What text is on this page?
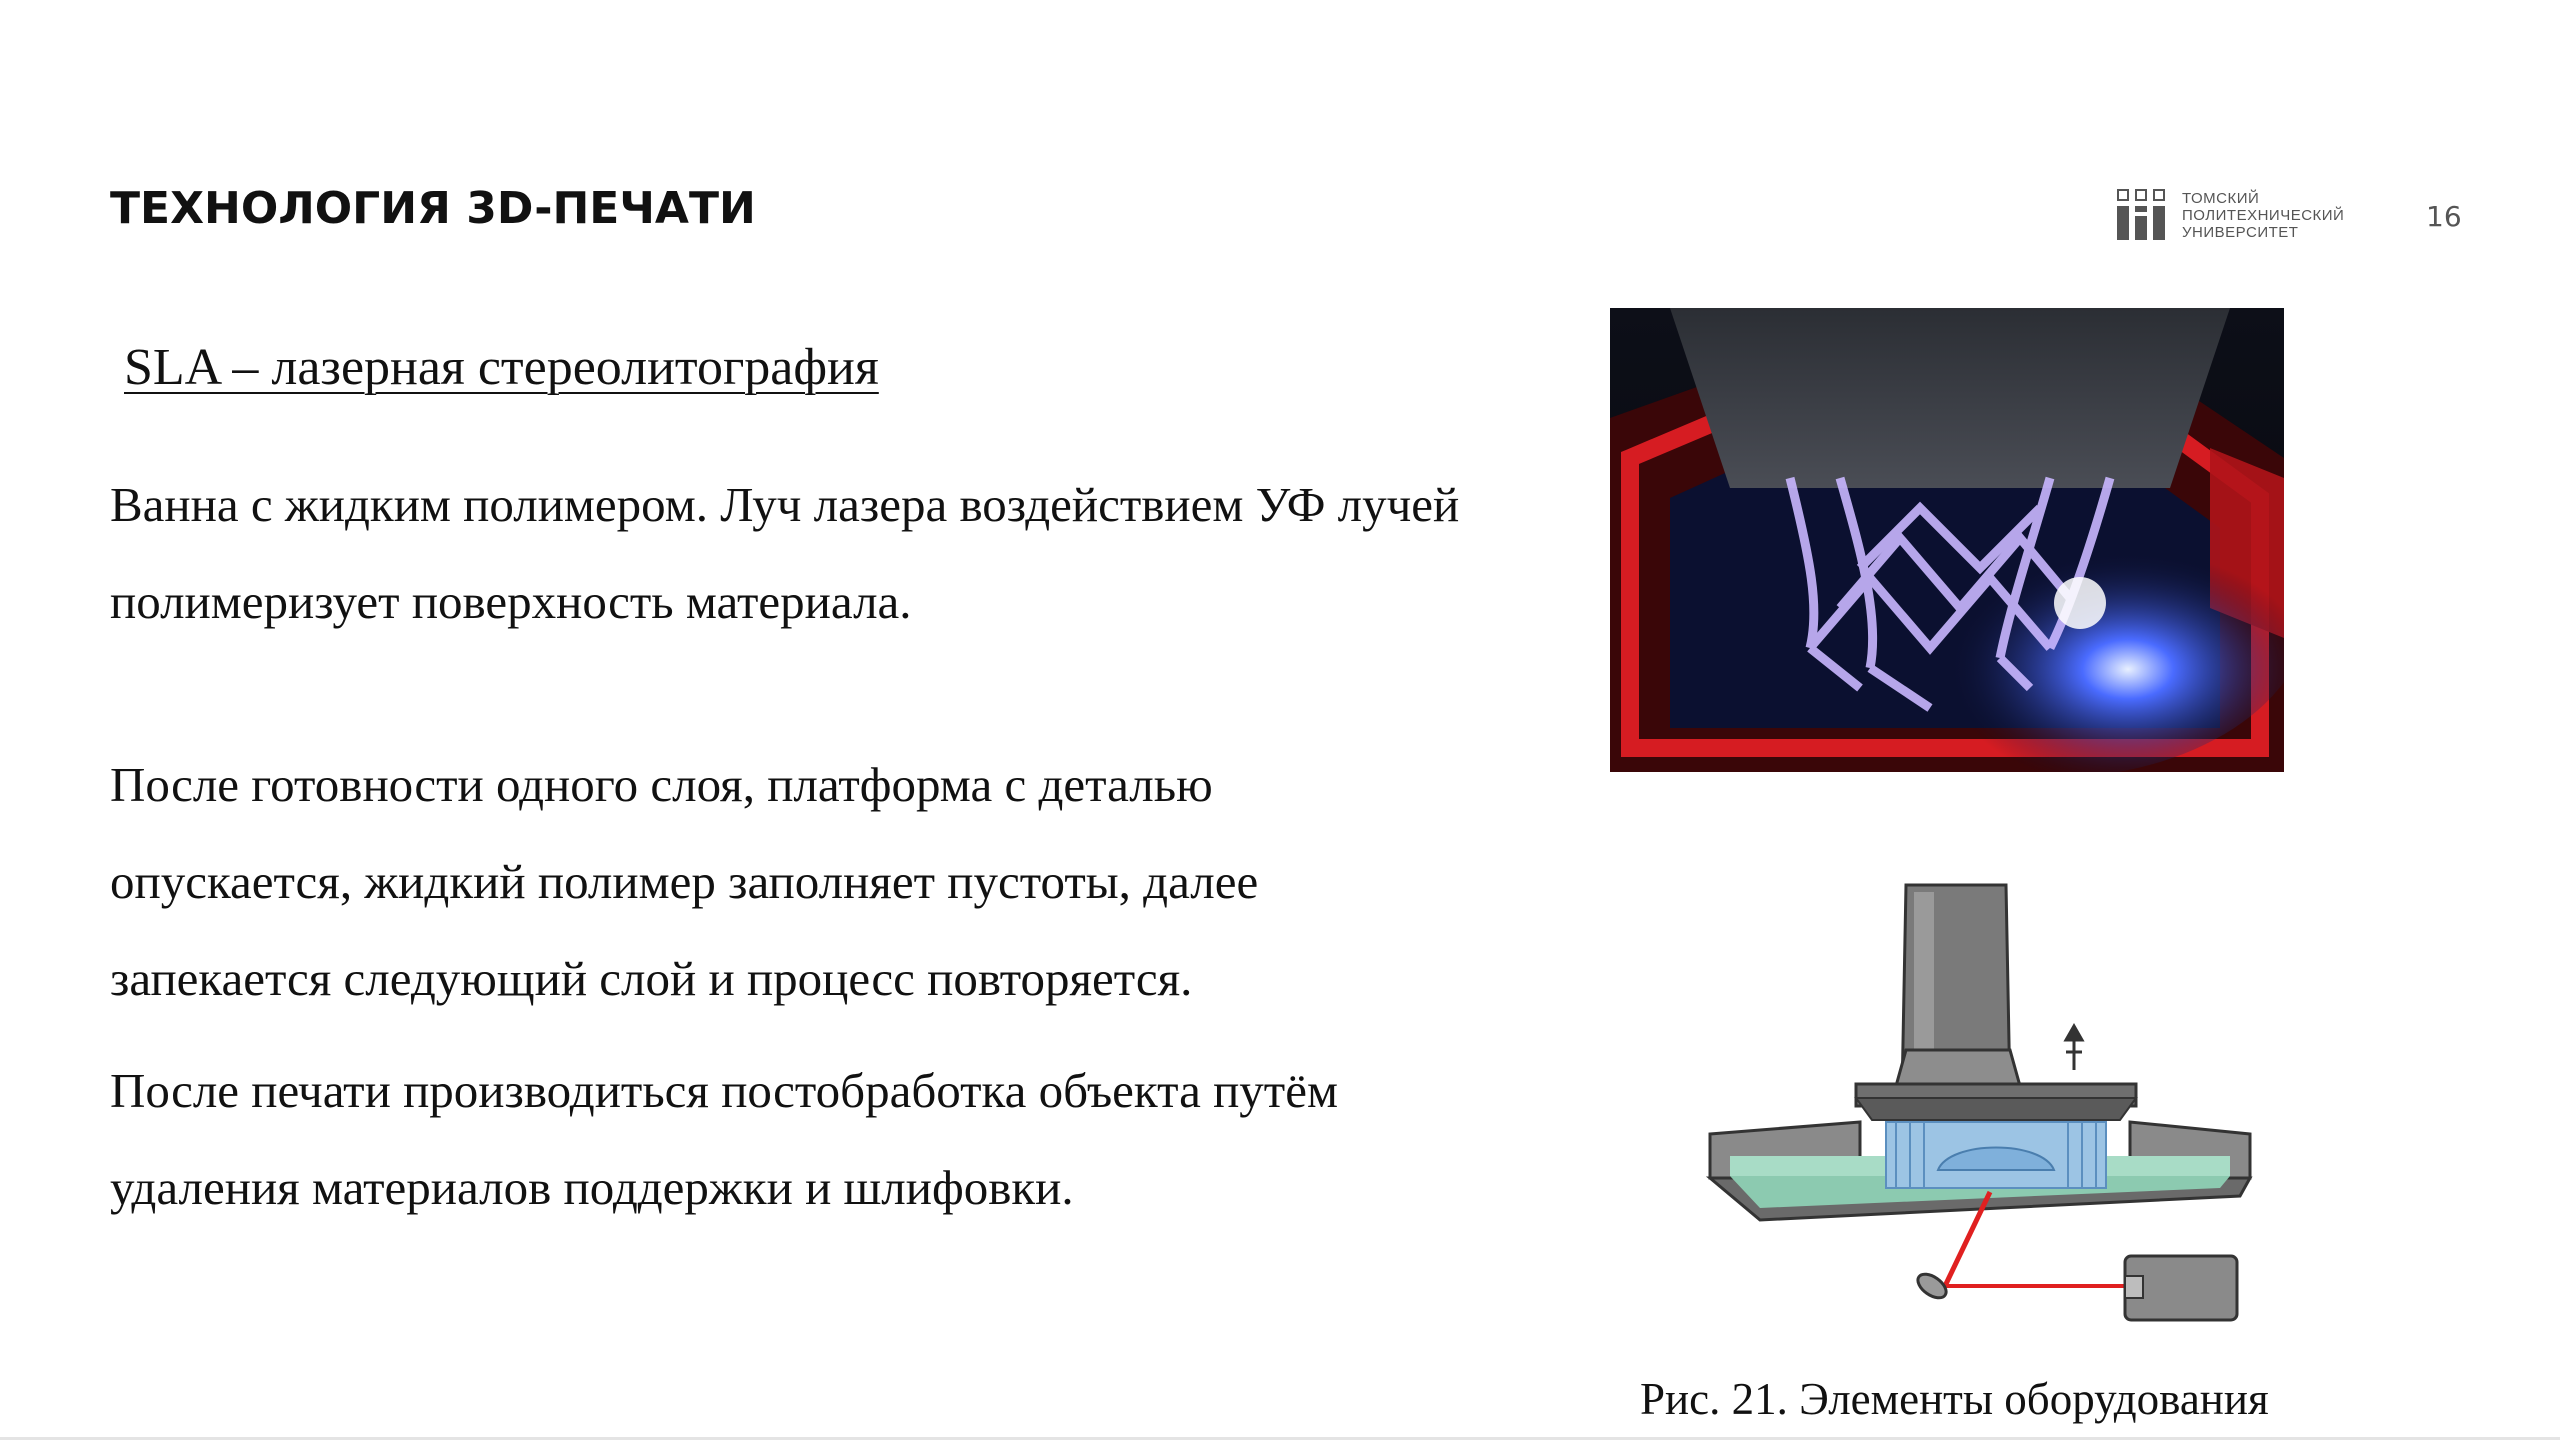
ТЕХНОЛОГИЯ 3D-ПЕЧАТИ	ТОМСКИЙ
ПОЛИТЕХНИЧЕСКИЙ
УНИВЕРСИТЕТ	16
SLA – лазерная стереолитография
Ванна с жидким полимером. Луч лазера воздействием УФ лучей полимеризует поверхность материала.
После готовности одного слоя, платформа с деталью опускается, жидкий полимер заполняет пустоты, далее запекается следующий слой и процесс повторяется.
После печати производиться постобработка объекта путём удаления материалов поддержки и шлифовки.
Рис. 21. Элементы оборудования
